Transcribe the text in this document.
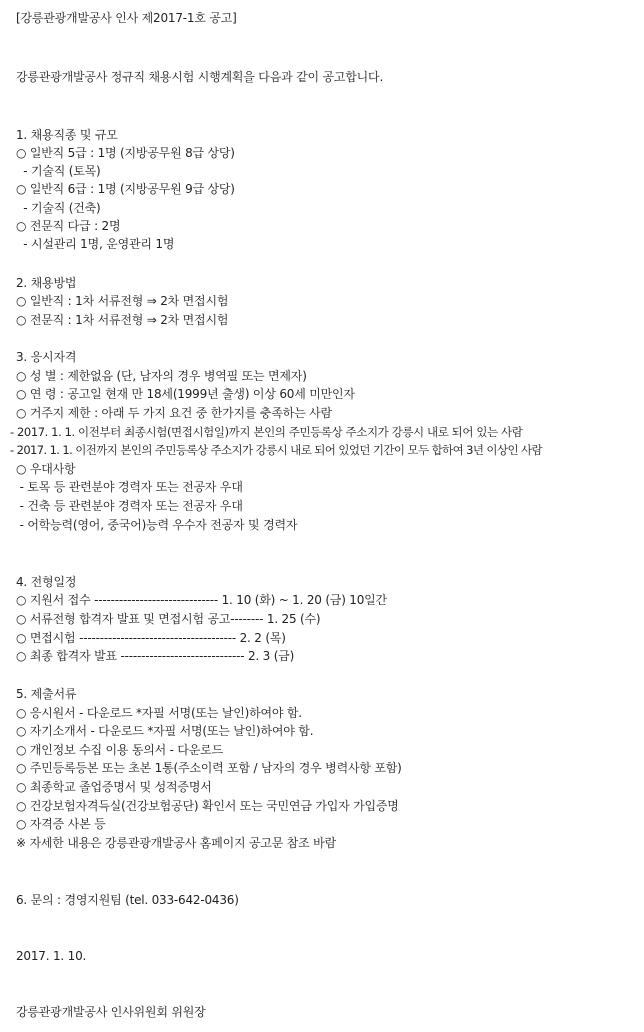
[강릉관광개발공사 인사 제2017-1호 공고]
강릉관광개발공사 정규직 채용시험 시행계획을 다음과 같이 공고합니다.
1. 채용직종 및 규모
○ 일반직 5급 : 1명 (지방공무원 8급 상당)
- 기술직 (토목)
○ 일반직 6급 : 1명 (지방공무원 9급 상당)
- 기술직 (건축)
○ 전문직 다급 : 2명
- 시설관리 1명, 운영관리 1명
2. 채용방법
○ 일반직 : 1차 서류전형 ⇒ 2차 면접시험
○ 전문직 : 1차 서류전형 ⇒ 2차 면접시험
3. 응시자격
○ 성 별 : 제한없음 (단, 남자의 경우 병역필 또는 면제자)
○ 연 령 : 공고일 현재 만 18세(1999년 출생) 이상 60세 미만인자
○ 거주지 제한 : 아래 두 가지 요건 중 한가지를 충족하는 사람
- 2017. 1. 1. 이전부터 최종시험(면접시험일)까지 본인의 주민등록상 주소지가 강릉시 내로 되어 있는 사람
- 2017. 1. 1. 이전까지 본인의 주민등록상 주소지가 강릉시 내로 되어 있었던 기간이 모두 합하여 3년 이상인 사람
○ 우대사항
- 토목 등 관련분야 경력자 또는 전공자 우대
- 건축 등 관련분야 경력자 또는 전공자 우대
- 어학능력(영어, 중국어)능력 우수자 전공자 및 경력자
4. 전형일정
○ 지원서 접수 ------------------------------ 1. 10 (화) ~ 1. 20 (금) 10일간
○ 서류전형 합격자 발표 및 면접시험 공고-------- 1. 25 (수)
○ 면접시험 -------------------------------------- 2. 2 (목)
○ 최종 합격자 발표 ------------------------------ 2. 3 (금)
5. 제출서류
○ 응시원서 - 다운로드 *자필 서명(또는 날인)하여야 함.
○ 자기소개서 - 다운로드 *자필 서명(또는 날인)하여야 함.
○ 개인정보 수집 이용 동의서 - 다운로드
○ 주민등록등본 또는 초본 1통(주소이력 포함 / 남자의 경우 병력사항 포함)
○ 최종학교 졸업증명서 및 성적증명서
○ 건강보험자격득실(건강보험공단) 확인서 또는 국민연금 가입자 가입증명
○ 자격증 사본 등
※ 자세한 내용은 강릉관광개발공사 홈페이지 공고문 참조 바람
6. 문의 : 경영지원팀 (tel. 033-642-0436)
2017. 1. 10.
강릉관광개발공사 인사위원회 위원장
